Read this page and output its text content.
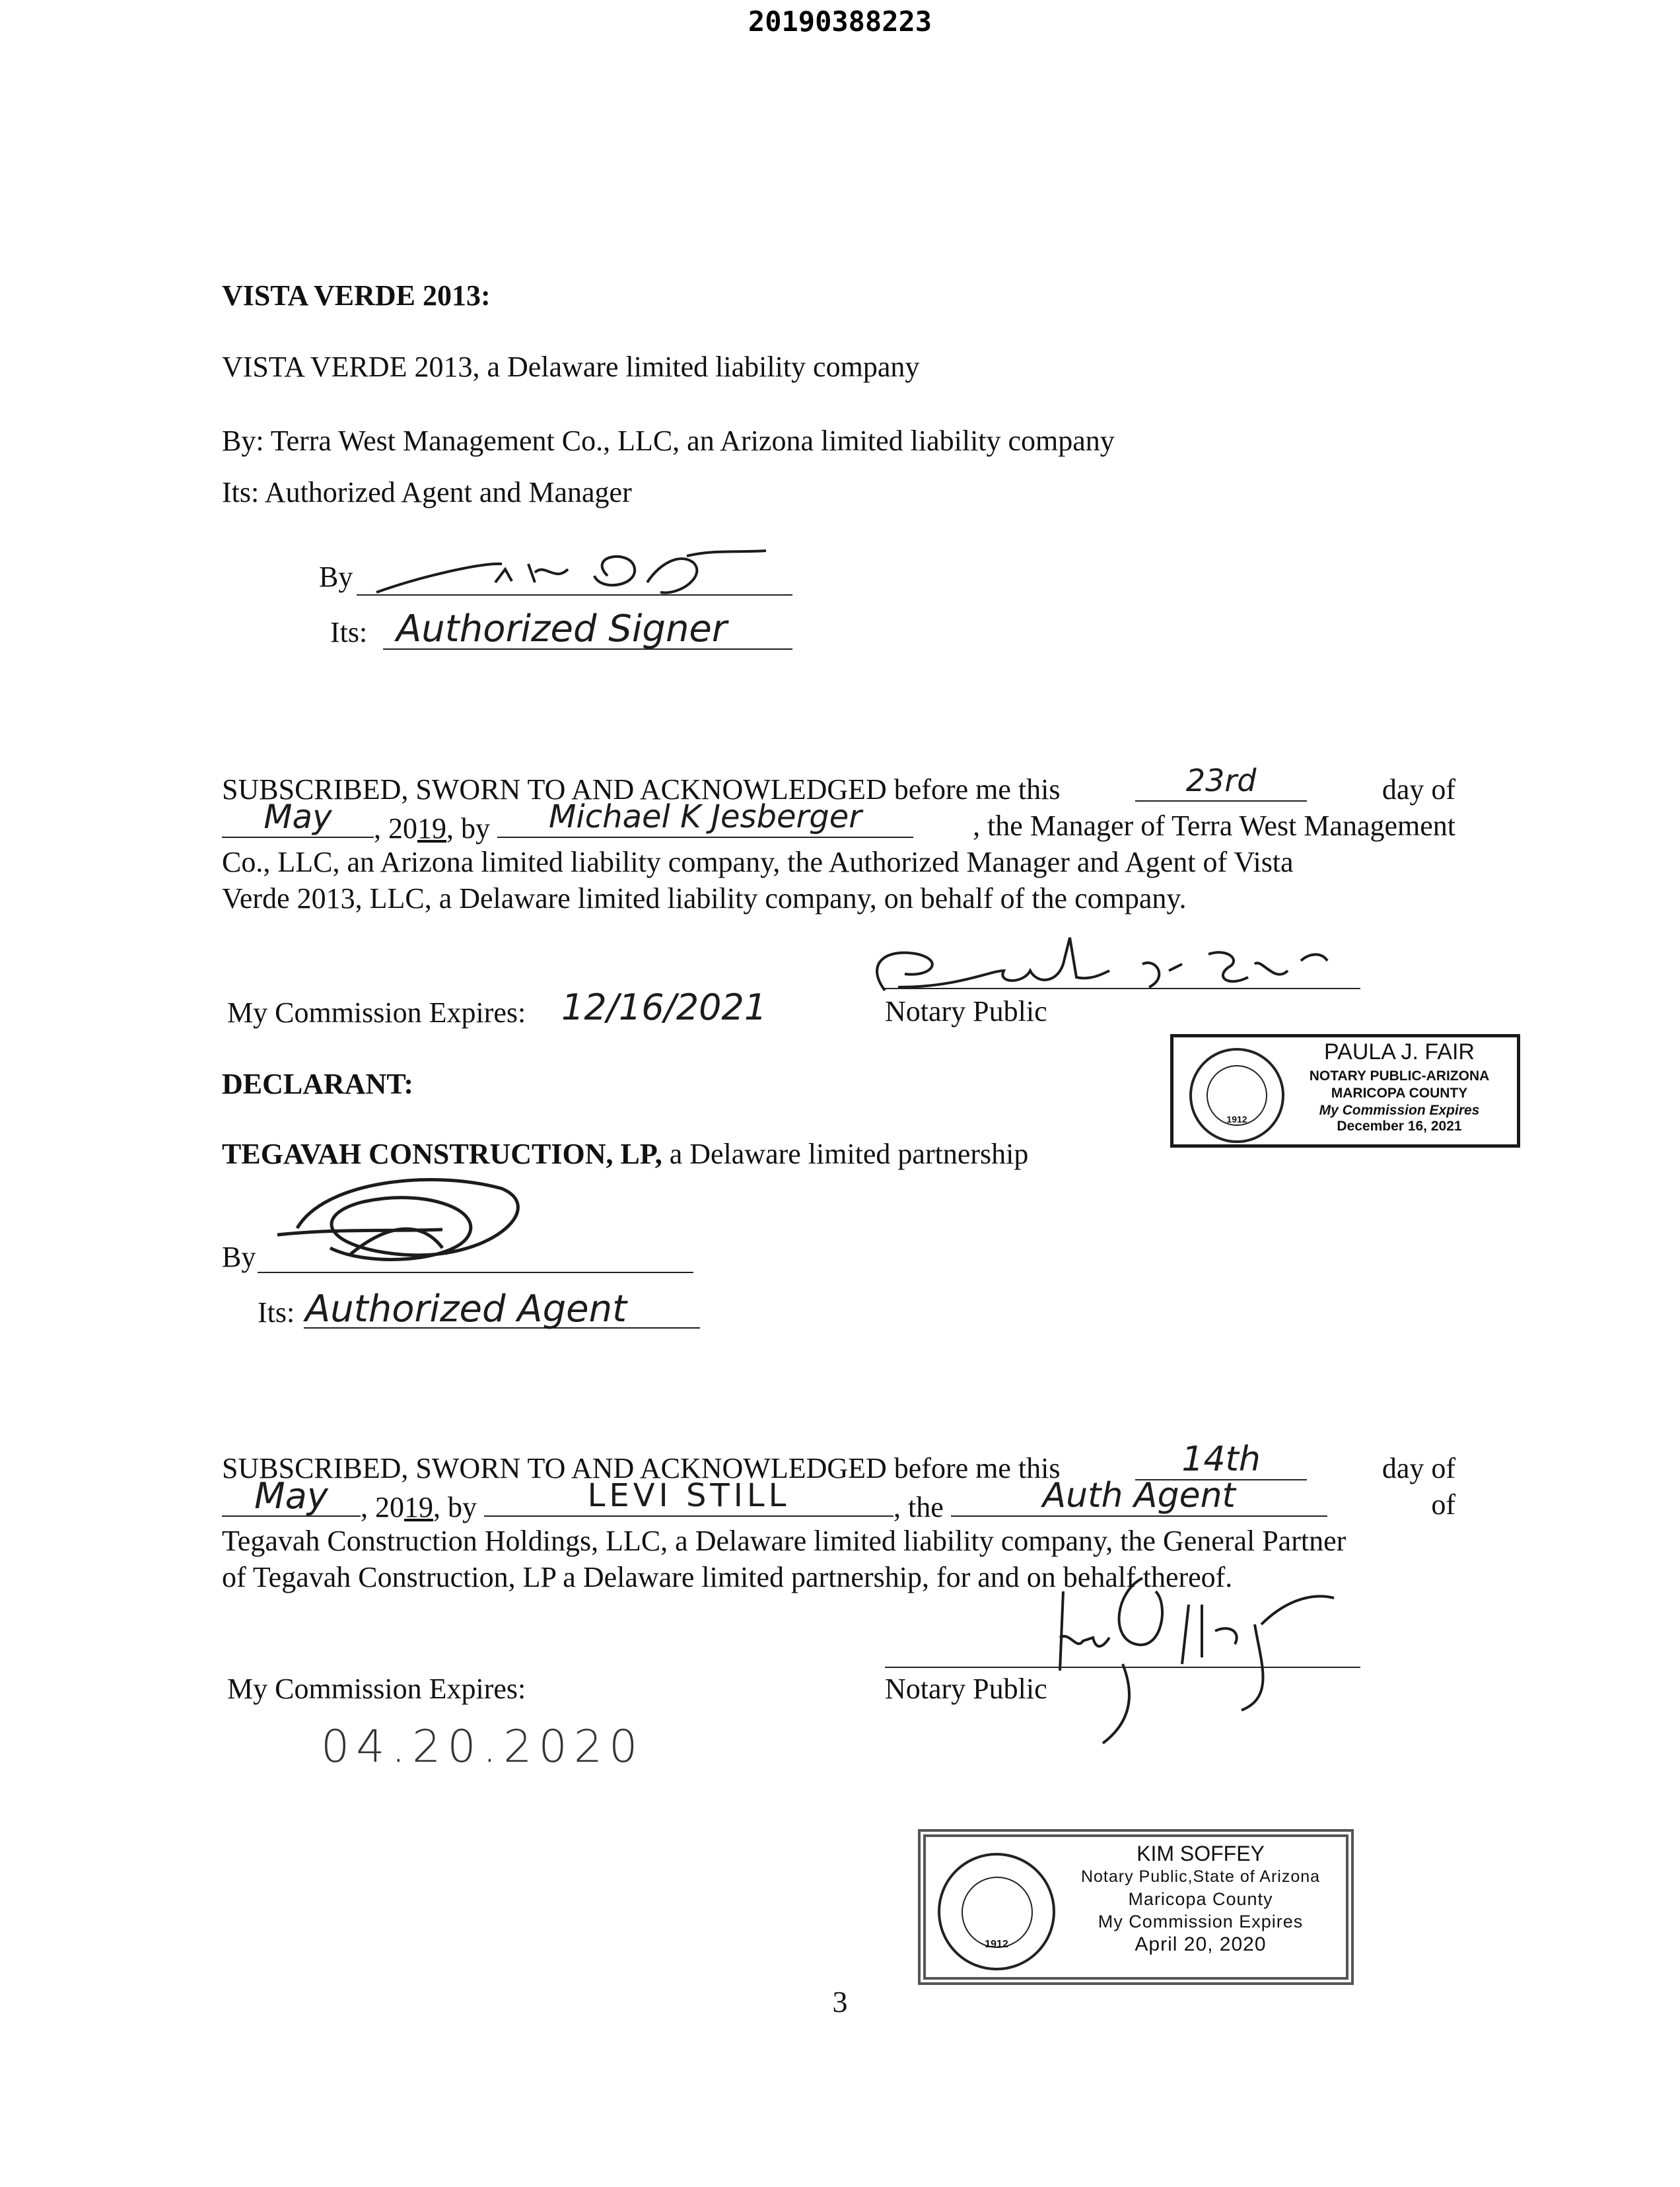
20190388223
VISTA VERDE 2013:
VISTA VERDE 2013, a Delaware limited liability company
By: Terra West Management Co., LLC, an Arizona limited liability company
Its: Authorized Agent and Manager
By
Its: Authorized Signer
SUBSCRIBED, SWORN TO AND ACKNOWLEDGED before me this	23rd	day of
May	, 2019, by	Michael K Jesberger	, the Manager of Terra West Management
Co., LLC, an Arizona limited liability company, the Authorized Manager and Agent of Vista
Verde 2013, LLC, a Delaware limited liability company, on behalf of the company.
Notary Public
My Commission Expires: 12/16/2021
1912
PAULA J. FAIR
NOTARY PUBLIC-ARIZONA
MARICOPA COUNTY
My Commission Expires
December 16, 2021
DECLARANT:
TEGAVAH CONSTRUCTION, LP, a Delaware limited partnership
By
Its: Authorized Agent
SUBSCRIBED, SWORN TO AND ACKNOWLEDGED before me this	14th	day of
May	, 2019, by	LEVI STILL	, the	Auth Agent	of
Tegavah Construction Holdings, LLC, a Delaware limited liability company, the General Partner
of Tegavah Construction, LP a Delaware limited partnership, for and on behalf thereof.
Notary Public
My Commission Expires:
04.20.2020
1912
KIM SOFFEY
Notary Public,State of Arizona
Maricopa County
My Commission Expires
April 20, 2020
3
